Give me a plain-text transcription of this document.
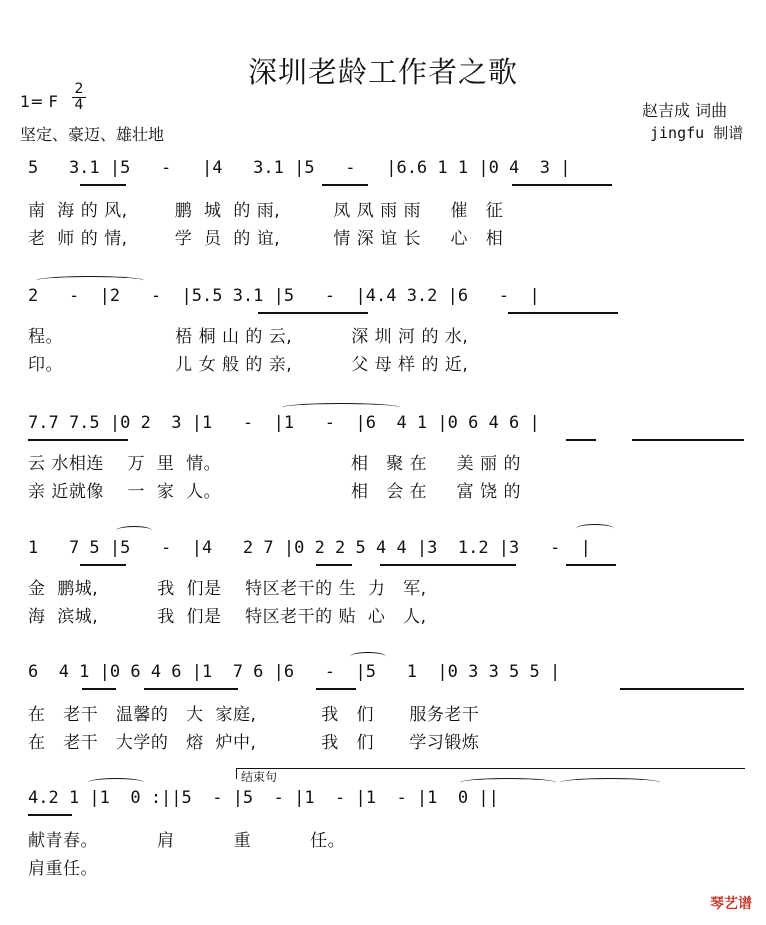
深圳老龄工作者之歌
1= F
2
4
坚定、豪迈、雄壮地
赵吉成 词曲
jingfu 制谱
5   3.1 |5   -   |4   3.1 |5   -   |6.6 1 1 |0 4  3 |
南  海 的 风,        鹏  城  的 雨,         凤 凤 雨 雨     催   征
老  师 的 情,        学  员  的 谊,         情 深 谊 长     心   相
2   -  |2   -  |5.5 3.1 |5   -  |4.4 3.2 |6   -  |
程。                   梧 桐 山 的 云,          深 圳 河 的 水,
印。                   儿 女 般 的 亲,          父 母 样 的 近,
7.7 7.5 |0 2  3 |1   -  |1   -  |6  4 1 |0 6 4 6 |
云 水相连    万  里  情。                      相   聚 在     美 丽 的
亲 近就像    一  家  人。                      相   会 在     富 饶 的
1   7 5 |5   -  |4   2 7 |0 2 2 5 4 4 |3  1.2 |3   -  |
金  鹏城,          我  们是    特区老干的 生  力   军,
海  滨城,          我  们是    特区老干的 贴  心   人,
6  4 1 |0 6 4 6 |1  7 6 |6   -  |5   1  |0 3 3 5 5 |
在   老干   温馨的   大  家庭,           我   们      服务老干
在   老干   大学的   熔  炉中,           我   们      学习锻炼
结束句
4.2 1 |1  0 :||5  - |5  - |1  - |1  - |1  0 ||
献青春。          肩          重          任。
肩重任。
琴艺谱
